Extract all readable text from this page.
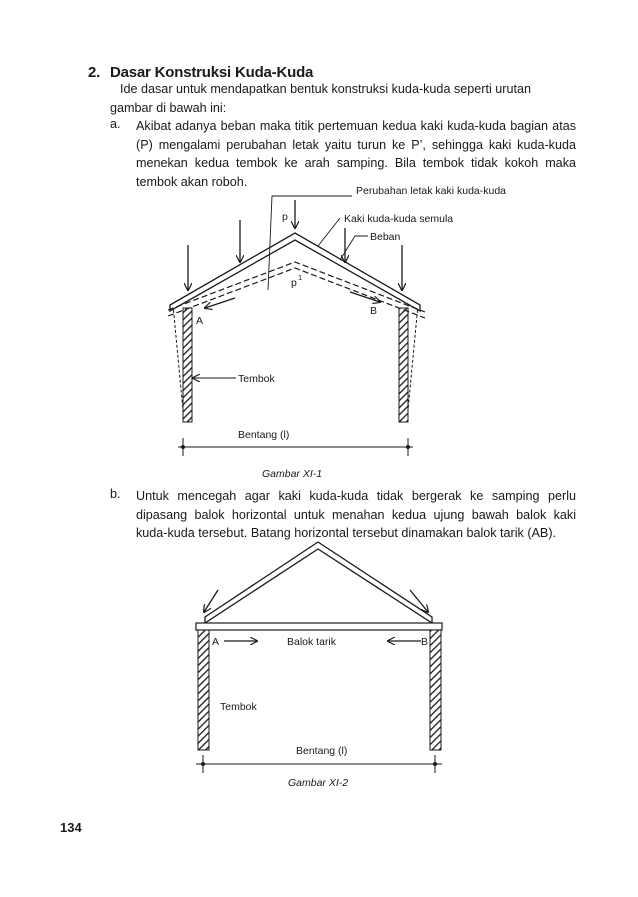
2. Dasar Konstruksi Kuda-Kuda
Ide dasar untuk mendapatkan bentuk konstruksi kuda-kuda seperti urutan
gambar di bawah ini:
a. Akibat adanya beban maka titik pertemuan kedua kaki kuda-kuda bagian atas (P) mengalami perubahan letak yaitu turun ke P’, sehingga kaki kuda-kuda menekan kedua tembok ke arah samping. Bila tembok tidak kokoh maka tembok akan roboh.
Perubahan letak kaki kuda-kuda
p	Kaki kuda-kuda semula
Beban
p 1
A
B
Tembok
Bentang (l)
Gambar XI-1
A	Balok tarik	B
Tembok
Bentang (l)
Gambar XI-2
b. Untuk mencegah agar kaki kuda-kuda tidak bergerak ke samping perlu dipasang balok horizontal untuk menahan kedua ujung bawah balok kaki kuda-kuda tersebut. Batang horizontal tersebut dinamakan balok tarik (AB).
134
